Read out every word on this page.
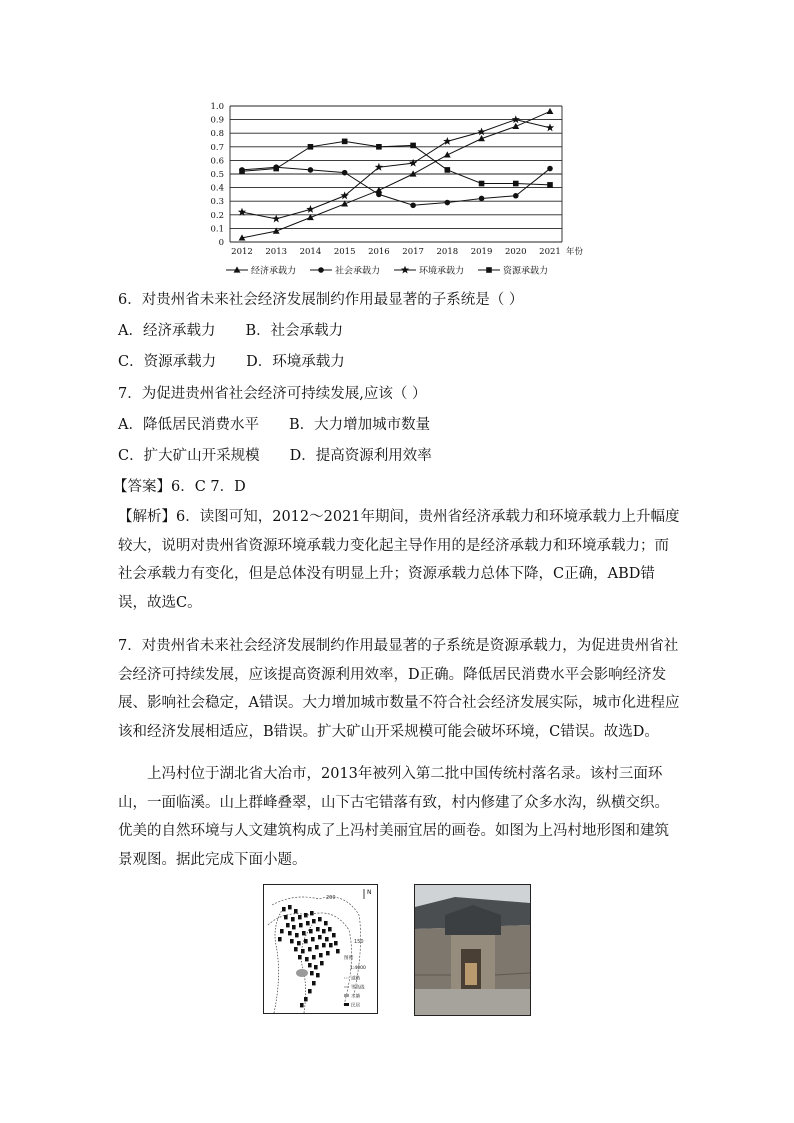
0
0.1
0.2
0.3
0.4
0.5
0.6
0.7
0.8
0.9
1.0
2012 2013 2014 2015 2016 2017 2018 2019 2020 2021 年份
经济承载力	社会承载力	环境承载力	资源承载力
6．对贵州省未来社会经济发展制约作用最显著的子系统是（ ）
A．经济承载力 B．社会承载力
C．资源承载力 D．环境承载力
7．为促进贵州省社会经济可持续发展,应该（ ）
A．降低居民消费水平 B．大力增加城市数量
C．扩大矿山开采规模 D．提高资源利用效率
【答案】6．C 7．D
【解析】6．读图可知，2012～2021年期间，贵州省经济承载力和环境承载力上升幅度较大，说明对贵州省资源环境承载力变化起主导作用的是经济承载力和环境承载力；而社会承载力有变化，但是总体没有明显上升；资源承载力总体下降，C正确，ABD错误，故选C。
7．对贵州省未来社会经济发展制约作用最显著的子系统是资源承载力，为促进贵州省社会经济可持续发展，应该提高资源利用效率，D正确。降低居民消费水平会影响经济发展、影响社会稳定，A错误。大力增加城市数量不符合社会经济发展实际，城市化进程应该和经济发展相适应，B错误。扩大矿山开采规模可能会破坏环境，C错误。故选D。
上冯村位于湖北省大冶市，2013年被列入第二批中国传统村落名录。该村三面环山，一面临溪。山上群峰叠翠，山下古宅错落有致，村内修建了众多水沟，纵横交织。优美的自然环境与人文建筑构成了上冯村美丽宜居的画卷。如图为上冯村地形图和建筑景观图。据此完成下面小题。
200
150
N
图例
1:4000
道路
等高线
水塘
民居
